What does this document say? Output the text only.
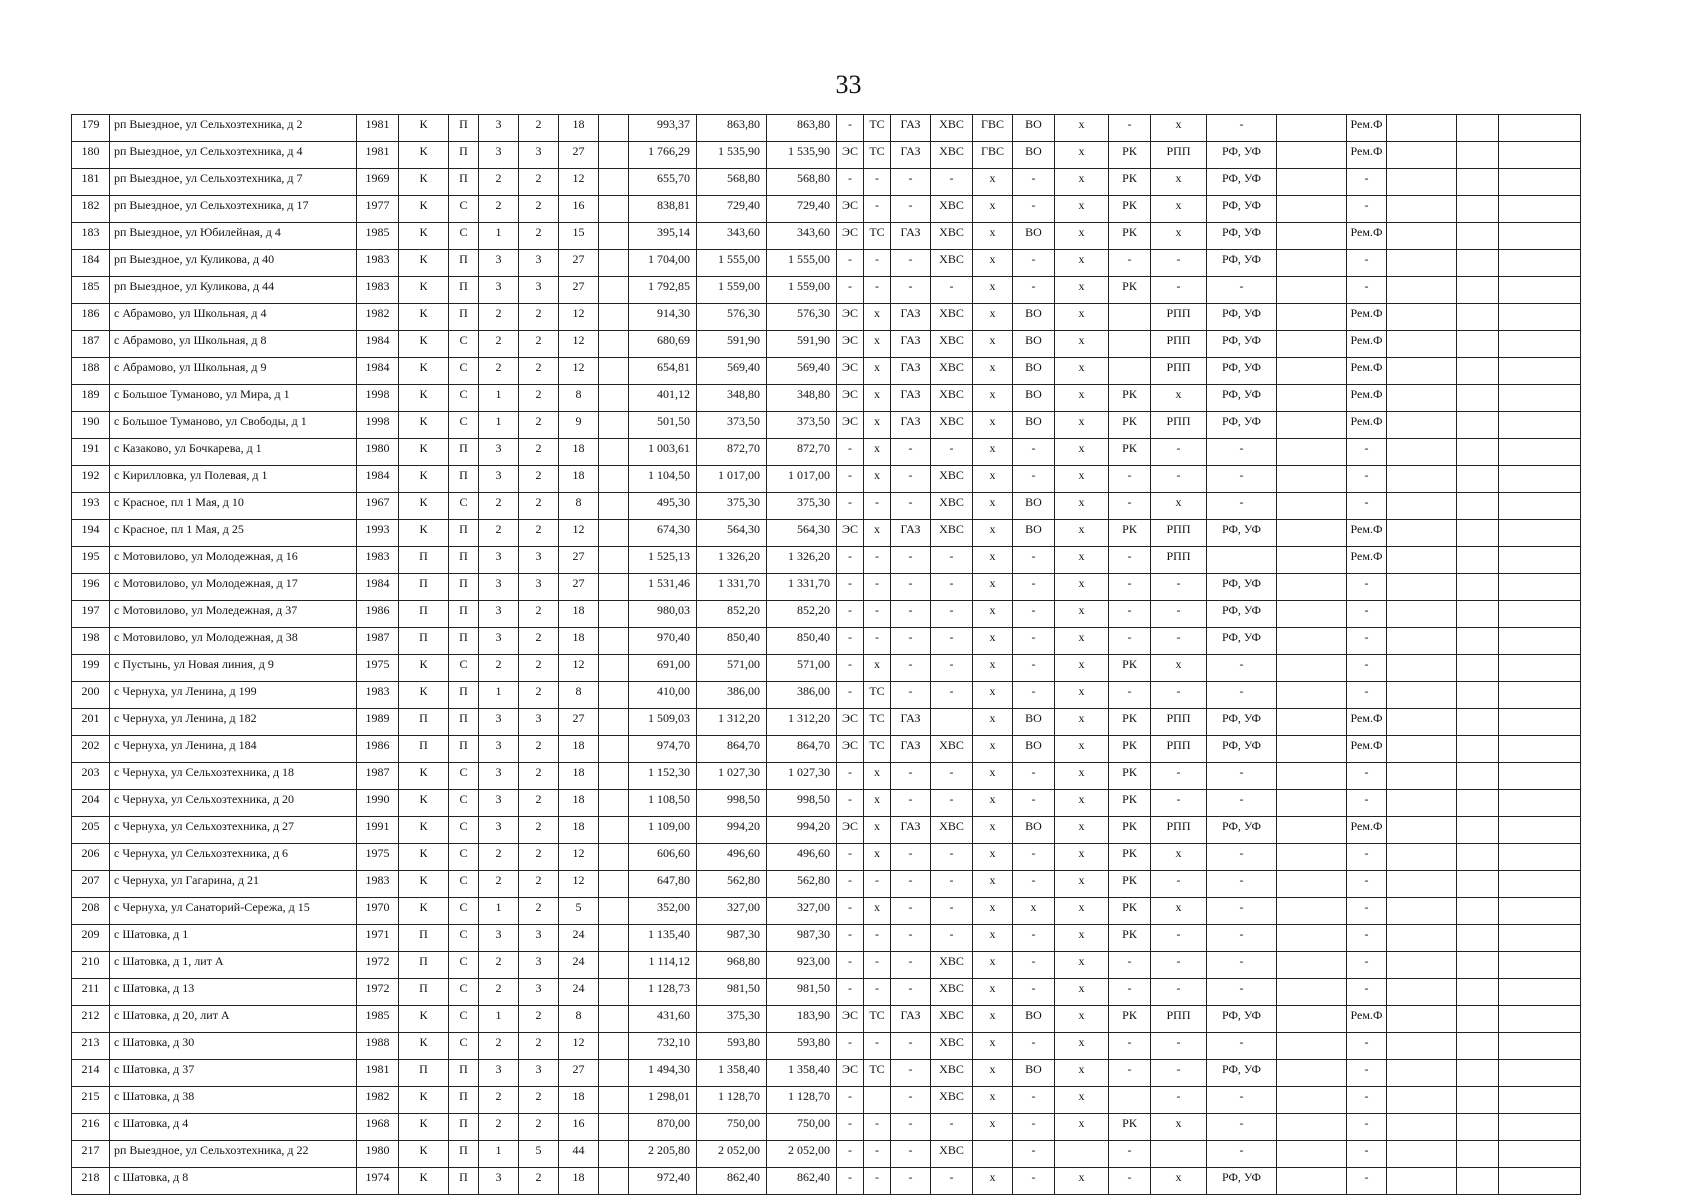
33
179	рп Выездное, ул Сельхозтехника, д 2	1981	К	П	3	2	18		993,37	863,80	863,80	-	ТС	ГАЗ	ХВС	ГВС	ВО	х	-	х	-		Рем.Ф			
180	рп Выездное, ул Сельхозтехника, д 4	1981	К	П	3	3	27		1 766,29	1 535,90	1 535,90	ЭС	ТС	ГАЗ	ХВС	ГВС	ВО	х	РК	РПП	РФ, УФ		Рем.Ф			
181	рп Выездное, ул Сельхозтехника, д 7	1969	К	П	2	2	12		655,70	568,80	568,80	-	-	-	-	х	-	х	РК	х	РФ, УФ		-			
182	рп Выездное, ул Сельхозтехника, д 17	1977	К	С	2	2	16		838,81	729,40	729,40	ЭС	-	-	ХВС	х	-	х	РК	х	РФ, УФ		-			
183	рп Выездное, ул Юбилейная, д 4	1985	К	С	1	2	15		395,14	343,60	343,60	ЭС	ТС	ГАЗ	ХВС	х	ВО	х	РК	х	РФ, УФ		Рем.Ф			
184	рп Выездное, ул Куликова, д 40	1983	К	П	3	3	27		1 704,00	1 555,00	1 555,00	-	-	-	ХВС	х	-	х	-	-	РФ, УФ		-			
185	рп Выездное, ул Куликова, д 44	1983	К	П	3	3	27		1 792,85	1 559,00	1 559,00	-	-	-	-	х	-	х	РК	-	-		-			
186	с Абрамово, ул Школьная, д 4	1982	К	П	2	2	12		914,30	576,30	576,30	ЭС	х	ГАЗ	ХВС	х	ВО	х		РПП	РФ, УФ		Рем.Ф			
187	с Абрамово, ул Школьная, д 8	1984	К	С	2	2	12		680,69	591,90	591,90	ЭС	х	ГАЗ	ХВС	х	ВО	х		РПП	РФ, УФ		Рем.Ф			
188	с Абрамово, ул Школьная, д 9	1984	К	С	2	2	12		654,81	569,40	569,40	ЭС	х	ГАЗ	ХВС	х	ВО	х		РПП	РФ, УФ		Рем.Ф			
189	с Большое Туманово, ул Мира, д 1	1998	К	С	1	2	8		401,12	348,80	348,80	ЭС	х	ГАЗ	ХВС	х	ВО	х	РК	х	РФ, УФ		Рем.Ф			
190	с Большое Туманово, ул Свободы, д 1	1998	К	С	1	2	9		501,50	373,50	373,50	ЭС	х	ГАЗ	ХВС	х	ВО	х	РК	РПП	РФ, УФ		Рем.Ф			
191	с Казаково, ул Бочкарева, д 1	1980	К	П	3	2	18		1 003,61	872,70	872,70	-	х	-	-	х	-	х	РК	-	-		-			
192	с Кирилловка, ул Полевая, д 1	1984	К	П	3	2	18		1 104,50	1 017,00	1 017,00	-	х	-	ХВС	х	-	х	-	-	-		-			
193	с Красное, пл 1 Мая, д 10	1967	К	С	2	2	8		495,30	375,30	375,30	-	-	-	ХВС	х	ВО	х	-	х	-		-			
194	с Красное, пл 1 Мая, д 25	1993	К	П	2	2	12		674,30	564,30	564,30	ЭС	х	ГАЗ	ХВС	х	ВО	х	РК	РПП	РФ, УФ		Рем.Ф			
195	с Мотовилово, ул Молодежная, д 16	1983	П	П	3	3	27		1 525,13	1 326,20	1 326,20	-	-	-	-	х	-	х	-	РПП			Рем.Ф			
196	с Мотовилово, ул Молодежная, д 17	1984	П	П	3	3	27		1 531,46	1 331,70	1 331,70	-	-	-	-	х	-	х	-	-	РФ, УФ		-			
197	с Мотовилово, ул Моледежная, д 37	1986	П	П	3	2	18		980,03	852,20	852,20	-	-	-	-	х	-	х	-	-	РФ, УФ		-			
198	с Мотовилово, ул Молодежная, д 38	1987	П	П	3	2	18		970,40	850,40	850,40	-	-	-	-	х	-	х	-	-	РФ, УФ		-			
199	с Пустынь, ул Новая линия, д 9	1975	К	С	2	2	12		691,00	571,00	571,00	-	х	-	-	х	-	х	РК	х	-		-			
200	с Чернуха, ул Ленина, д 199	1983	К	П	1	2	8		410,00	386,00	386,00	-	ТС	-	-	х	-	х	-	-	-		-			
201	с Чернуха, ул Ленина, д 182	1989	П	П	3	3	27		1 509,03	1 312,20	1 312,20	ЭС	ТС	ГАЗ		х	ВО	х	РК	РПП	РФ, УФ		Рем.Ф			
202	с Чернуха, ул Ленина, д 184	1986	П	П	3	2	18		974,70	864,70	864,70	ЭС	ТС	ГАЗ	ХВС	х	ВО	х	РК	РПП	РФ, УФ		Рем.Ф			
203	с Чернуха, ул Сельхозтехника, д 18	1987	К	С	3	2	18		1 152,30	1 027,30	1 027,30	-	х	-	-	х	-	х	РК	-	-		-			
204	с Чернуха, ул Сельхозтехника, д 20	1990	К	С	3	2	18		1 108,50	998,50	998,50	-	х	-	-	х	-	х	РК	-	-		-			
205	с Чернуха, ул Сельхозтехника, д 27	1991	К	С	3	2	18		1 109,00	994,20	994,20	ЭС	х	ГАЗ	ХВС	х	ВО	х	РК	РПП	РФ, УФ		Рем.Ф			
206	с Чернуха, ул Сельхозтехника, д 6	1975	К	С	2	2	12		606,60	496,60	496,60	-	х	-	-	х	-	х	РК	х	-		-			
207	с Чернуха, ул Гагарина, д 21	1983	К	С	2	2	12		647,80	562,80	562,80	-	-	-	-	х	-	х	РК	-	-		-			
208	с Чернуха, ул Санаторий-Сережа, д 15	1970	К	С	1	2	5		352,00	327,00	327,00	-	х	-	-	х	х	х	РК	х	-		-			
209	с Шатовка, д 1	1971	П	С	3	3	24		1 135,40	987,30	987,30	-	-	-	-	х	-	х	РК	-	-		-			
210	с Шатовка, д 1, лит А	1972	П	С	2	3	24		1 114,12	968,80	923,00	-	-	-	ХВС	х	-	х	-	-	-		-			
211	с Шатовка, д 13	1972	П	С	2	3	24		1 128,73	981,50	981,50	-	-	-	ХВС	х	-	х	-	-	-		-			
212	с Шатовка, д 20, лит А	1985	К	С	1	2	8		431,60	375,30	183,90	ЭС	ТС	ГАЗ	ХВС	х	ВО	х	РК	РПП	РФ, УФ		Рем.Ф			
213	с Шатовка, д 30	1988	К	С	2	2	12		732,10	593,80	593,80	-	-	-	ХВС	х	-	х	-	-	-		-			
214	с Шатовка, д 37	1981	П	П	3	3	27		1 494,30	1 358,40	1 358,40	ЭС	ТС	-	ХВС	х	ВО	х	-	-	РФ, УФ		-			
215	с Шатовка, д 38	1982	К	П	2	2	18		1 298,01	1 128,70	1 128,70	-		-	ХВС	х	-	х		-	-		-			
216	с Шатовка, д 4	1968	К	П	2	2	16		870,00	750,00	750,00	-	-	-	-	х	-	х	РК	х	-		-			
217	рп Выездное, ул Сельхозтехника, д 22	1980	К	П	1	5	44		2 205,80	2 052,00	2 052,00	-	-	-	ХВС		-		-		-		-			
218	с Шатовка, д 8	1974	К	П	3	2	18		972,40	862,40	862,40	-	-	-	-	х	-	х	-	х	РФ, УФ		-			
